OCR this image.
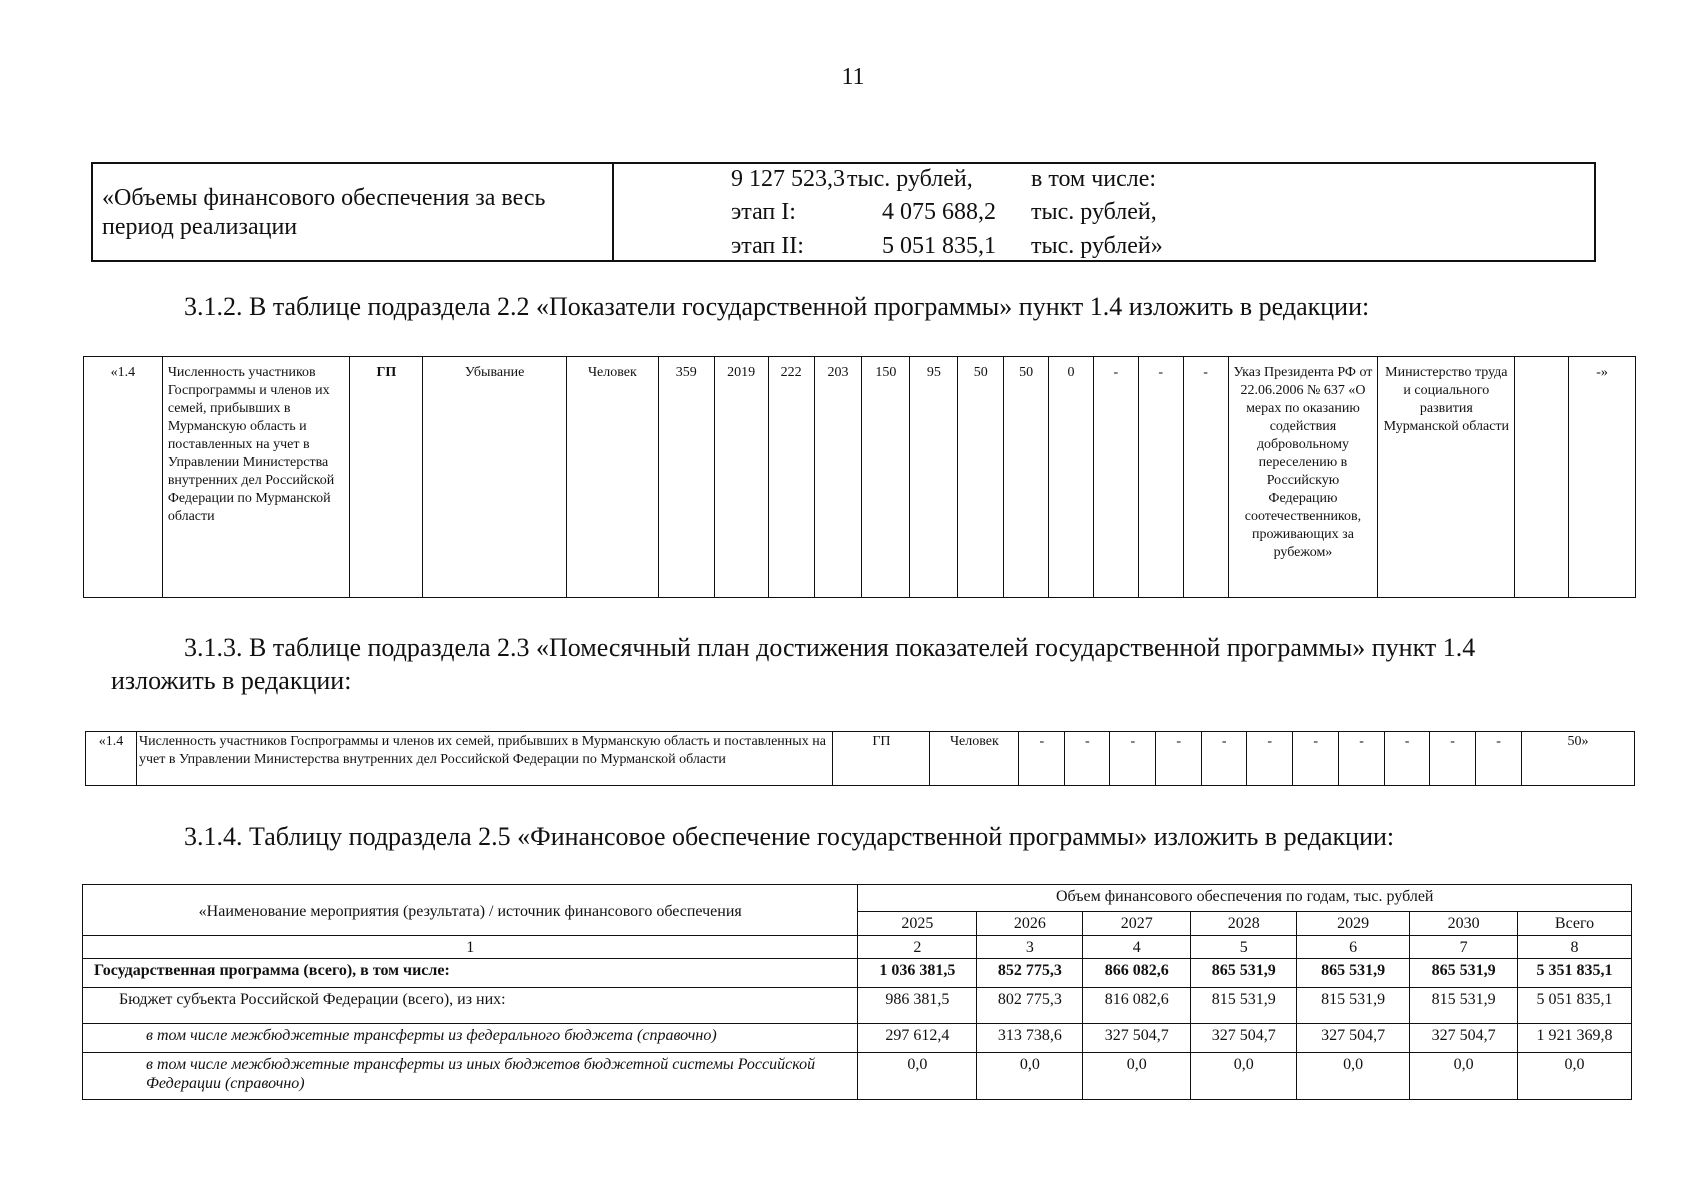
11
«Объемы финансового обеспечения за весь период реализации	
9 127 523,3 тыс. рублей, в том числе:
этап I:	4 075 688,2 тыс. рублей,
этап II:	5 051 835,1 тыс. рублей»
3.1.2. В таблице подраздела 2.2 «Показатели государственной программы» пункт 1.4 изложить в редакции:
«1.4	Численность участников Госпрограммы и членов их семей, прибывших в Мурманскую область и поставленных на учет в Управлении Министерства внутренних дел Российской Федерации по Мурманской области	ГП	Убывание	Человек	359	2019	222	203	150	95	50	50	0	-	-	-	Указ Президента РФ от 22.06.2006 № 637 «О мерах по оказанию содействия добровольному переселению в Российскую Федерацию соотечественников, проживающих за рубежом»	Министерство труда и социального развития Мурманской области		-»
3.1.3. В таблице подраздела 2.3 «Помесячный план достижения показателей государственной программы» пункт 1.4
изложить в редакции:
«1.4	Численность участников Госпрограммы и членов их семей, прибывших в Мурманскую область и поставленных на учет в Управлении Министерства внутренних дел Российской Федерации по Мурманской области	ГП	Человек	-	-	-	-	-	-	-	-	-	-	-	50»
3.1.4. Таблицу подраздела 2.5 «Финансовое обеспечение государственной программы» изложить в редакции:
«Наименование мероприятия (результата) / источник финансового обеспечения	Объем финансового обеспечения по годам, тыс. рублей						
	2025	2026	2027	2028	2029	2030	Всего
1	2	3	4	5	6	7	8
Государственная программа (всего), в том числе:	1 036 381,5	852 775,3	866 082,6	865 531,9	865 531,9	865 531,9	5 351 835,1
Бюджет субъекта Российской Федерации (всего), из них:	986 381,5	802 775,3	816 082,6	815 531,9	815 531,9	815 531,9	5 051 835,1
в том числе межбюджетные трансферты из федерального бюджета (справочно)	297 612,4	313 738,6	327 504,7	327 504,7	327 504,7	327 504,7	1 921 369,8
в том числе межбюджетные трансферты из иных бюджетов бюджетной системы Российской Федерации (справочно)	0,0	0,0	0,0	0,0	0,0	0,0	0,0
